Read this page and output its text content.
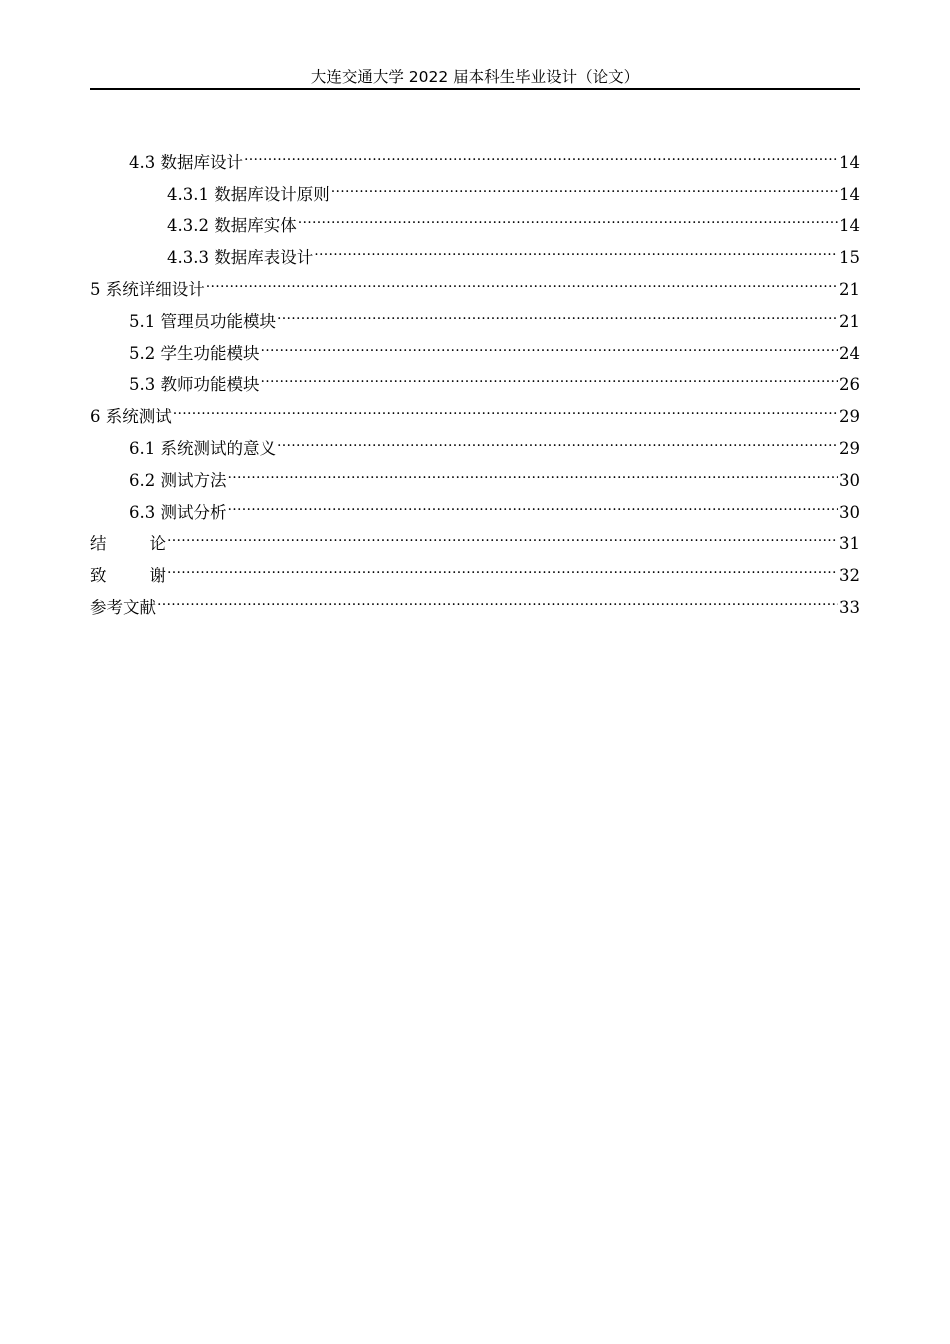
大连交通大学 2022 届本科生毕业设计（论文）
4.3 数据库设计 .....	14
4.3.1 数据库设计原则 .....	14
4.3.2 数据库实体 .....	14
4.3.3 数据库表设计 .....	15
5 系统详细设计 .....	21
5.1 管理员功能模块 .....	21
5.2 学生功能模块 .....	24
5.3 教师功能模块 .....	26
6 系统测试 .....	29
6.1 系统测试的意义 .....	29
6.2 测试方法 .....	30
6.3 测试分析 .....	30
结　论 .....	31
致　谢 .....	32
参考文献 .....	33
